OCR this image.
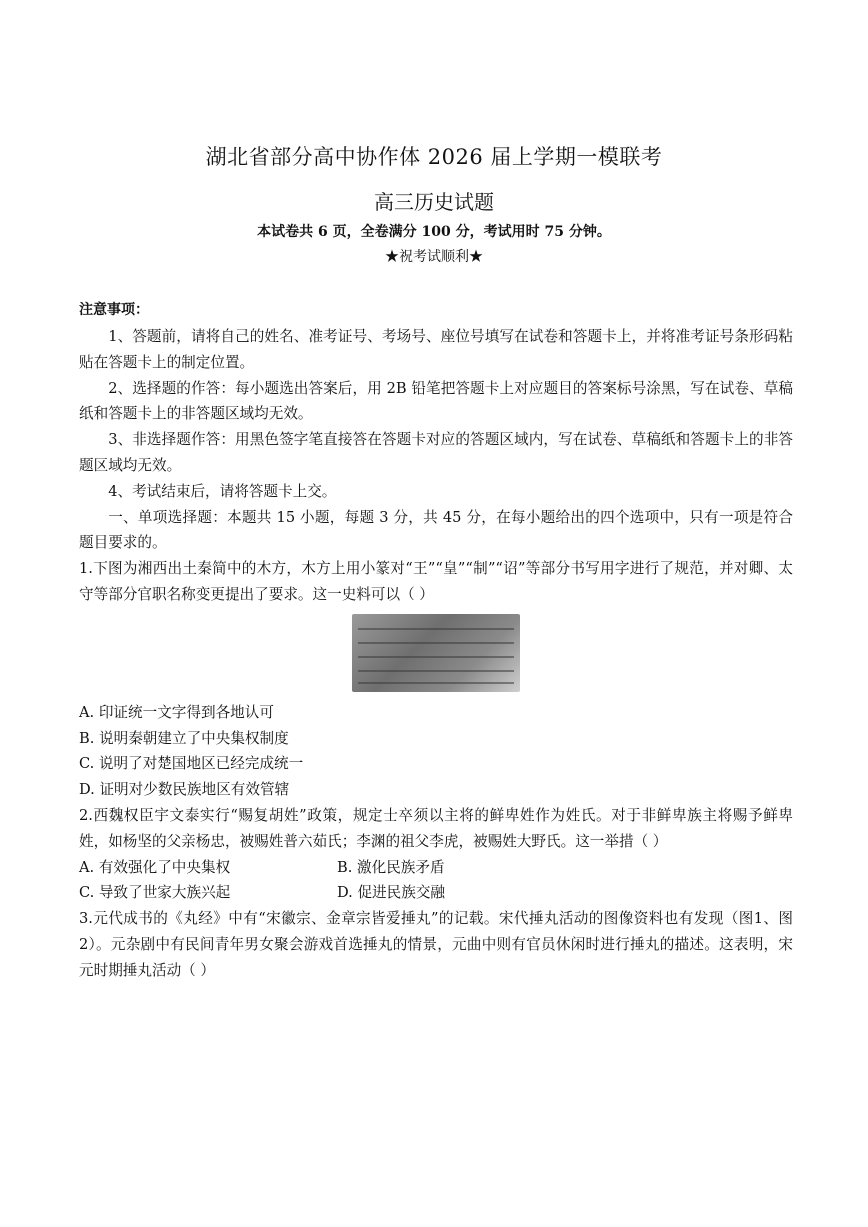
湖北省部分高中协作体 2026 届上学期一模联考
高三历史试题
本试卷共 6 页，全卷满分 100 分，考试用时 75 分钟。
★祝考试顺利★
注意事项：

1、答题前，请将自己的姓名、准考证号、考场号、座位号填写在试卷和答题卡上，并将准考证号条形码粘贴在答题卡上的制定位置。

2、选择题的作答：每小题选出答案后，用 2B 铅笔把答题卡上对应题目的答案标号涂黑，写在试卷、草稿纸和答题卡上的非答题区域均无效。

3、非选择题作答：用黑色签字笔直接答在答题卡对应的答题区域内，写在试卷、草稿纸和答题卡上的非答题区域均无效。

4、考试结束后，请将答题卡上交。

一、单项选择题：本题共 15 小题，每题 3 分，共 45 分，在每小题给出的四个选项中，只有一项是符合题目要求的。

1.下图为湘西出土秦简中的木方，木方上用小篆对“王”“皇”“制”“诏”等部分书写用字进行了规范，并对卿、太守等部分官职名称变更提出了要求。这一史料可以（ ）

A. 印证统一文字得到各地认可

B. 说明秦朝建立了中央集权制度

C. 说明了对楚国地区已经完成统一

D. 证明对少数民族地区有效管辖

2.西魏权臣宇文泰实行“赐复胡姓”政策，规定士卒须以主将的鲜卑姓作为姓氏。对于非鲜卑族主将赐予鲜卑姓，如杨坚的父亲杨忠，被赐姓普六茹氏；李渊的祖父李虎，被赐姓大野氏。这一举措（ ）

A. 有效强化了中央集权	B. 激化民族矛盾

C. 导致了世家大族兴起	D. 促进民族交融

3.元代成书的《丸经》中有“宋徽宗、金章宗皆爱捶丸”的记载。宋代捶丸活动的图像资料也有发现（图1、图 2）。元杂剧中有民间青年男女聚会游戏首选捶丸的情景，元曲中则有官员休闲时进行捶丸的描述。这表明，宋元时期捶丸活动（ ）
